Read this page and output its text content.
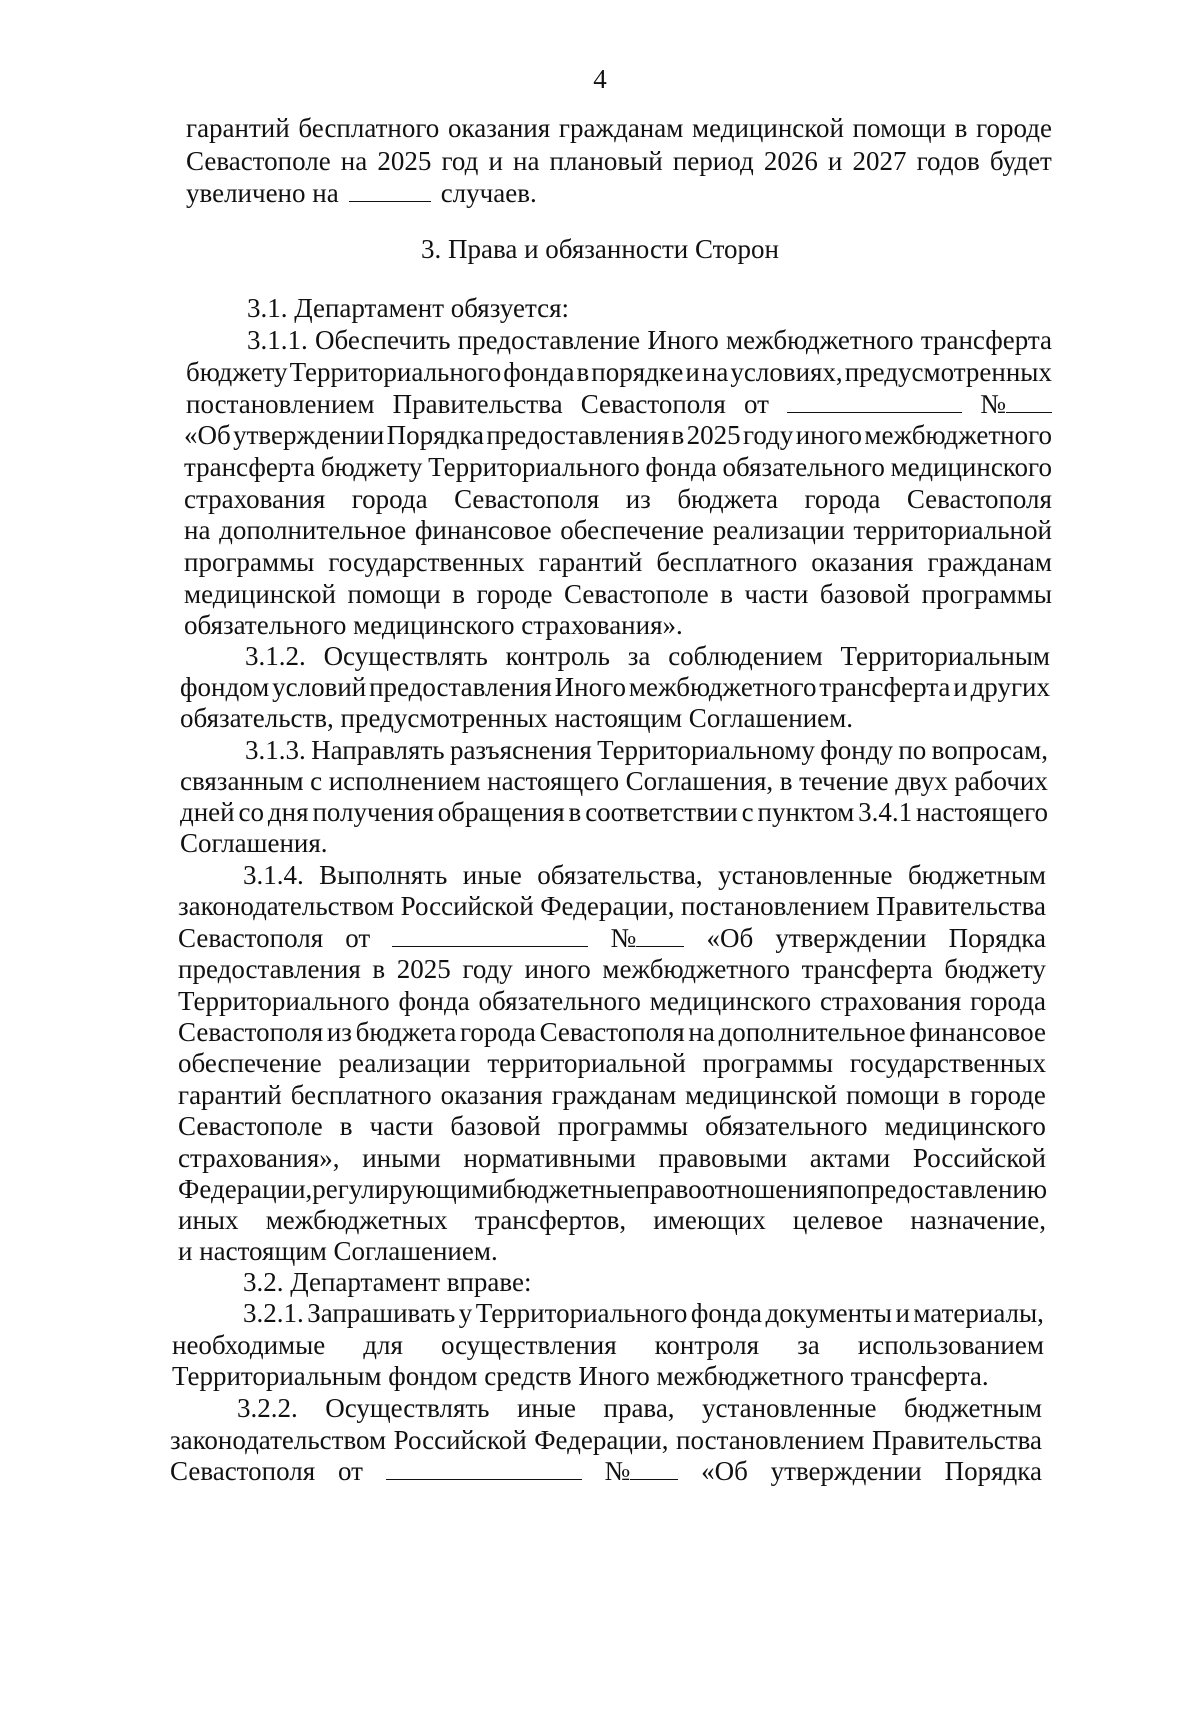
4
3. Права и обязанности Сторон
гарантий бесплатного оказания гражданам медицинской помощи в городе
Севастополе на 2025 год и на плановый период 2026 и 2027 годов будет
увеличено на	случаев.
3.1. Департамент обязуется:
3.1.1. Обеспечить предоставление Иного межбюджетного трансферта
бюджету Территориального фонда в порядке и на условиях, предусмотренных
постановлением Правительства Севастополя от	№
«Об утверждении Порядка предоставления в 2025 году иного межбюджетного
трансферта бюджету Территориального фонда обязательного медицинского
страхования города Севастополя из бюджета города Севастополя
на дополнительное финансовое обеспечение реализации территориальной
программы государственных гарантий бесплатного оказания гражданам
медицинской помощи в городе Севастополе в части базовой программы
обязательного медицинского страхования».
3.1.2. Осуществлять контроль за соблюдением Территориальным
фондом условий предоставления Иного межбюджетного трансферта и других
обязательств, предусмотренных настоящим Соглашением.
3.1.3. Направлять разъяснения Территориальному фонду по вопросам,
связанным с исполнением настоящего Соглашения, в течение двух рабочих
дней со дня получения обращения в соответствии с пунктом 3.4.1 настоящего
Соглашения.
3.1.4. Выполнять иные обязательства, установленные бюджетным
законодательством Российской Федерации, постановлением Правительства
Севастополя от	№	«Об утверждении Порядка
предоставления в 2025 году иного межбюджетного трансферта бюджету
Территориального фонда обязательного медицинского страхования города
Севастополя из бюджета города Севастополя на дополнительное финансовое
обеспечение реализации территориальной программы государственных
гарантий бесплатного оказания гражданам медицинской помощи в городе
Севастополе в части базовой программы обязательного медицинского
страхования», иными нормативными правовыми актами Российской
Федерации, регулирующими бюджетные правоотношения по предоставлению
иных межбюджетных трансфертов, имеющих целевое назначение,
и настоящим Соглашением.
3.2. Департамент вправе:
3.2.1. Запрашивать у Территориального фонда документы и материалы,
необходимые для осуществления контроля за использованием
Территориальным фондом средств Иного межбюджетного трансферта.
3.2.2. Осуществлять иные права, установленные бюджетным
законодательством Российской Федерации, постановлением Правительства
Севастополя от	№	«Об утверждении Порядка
